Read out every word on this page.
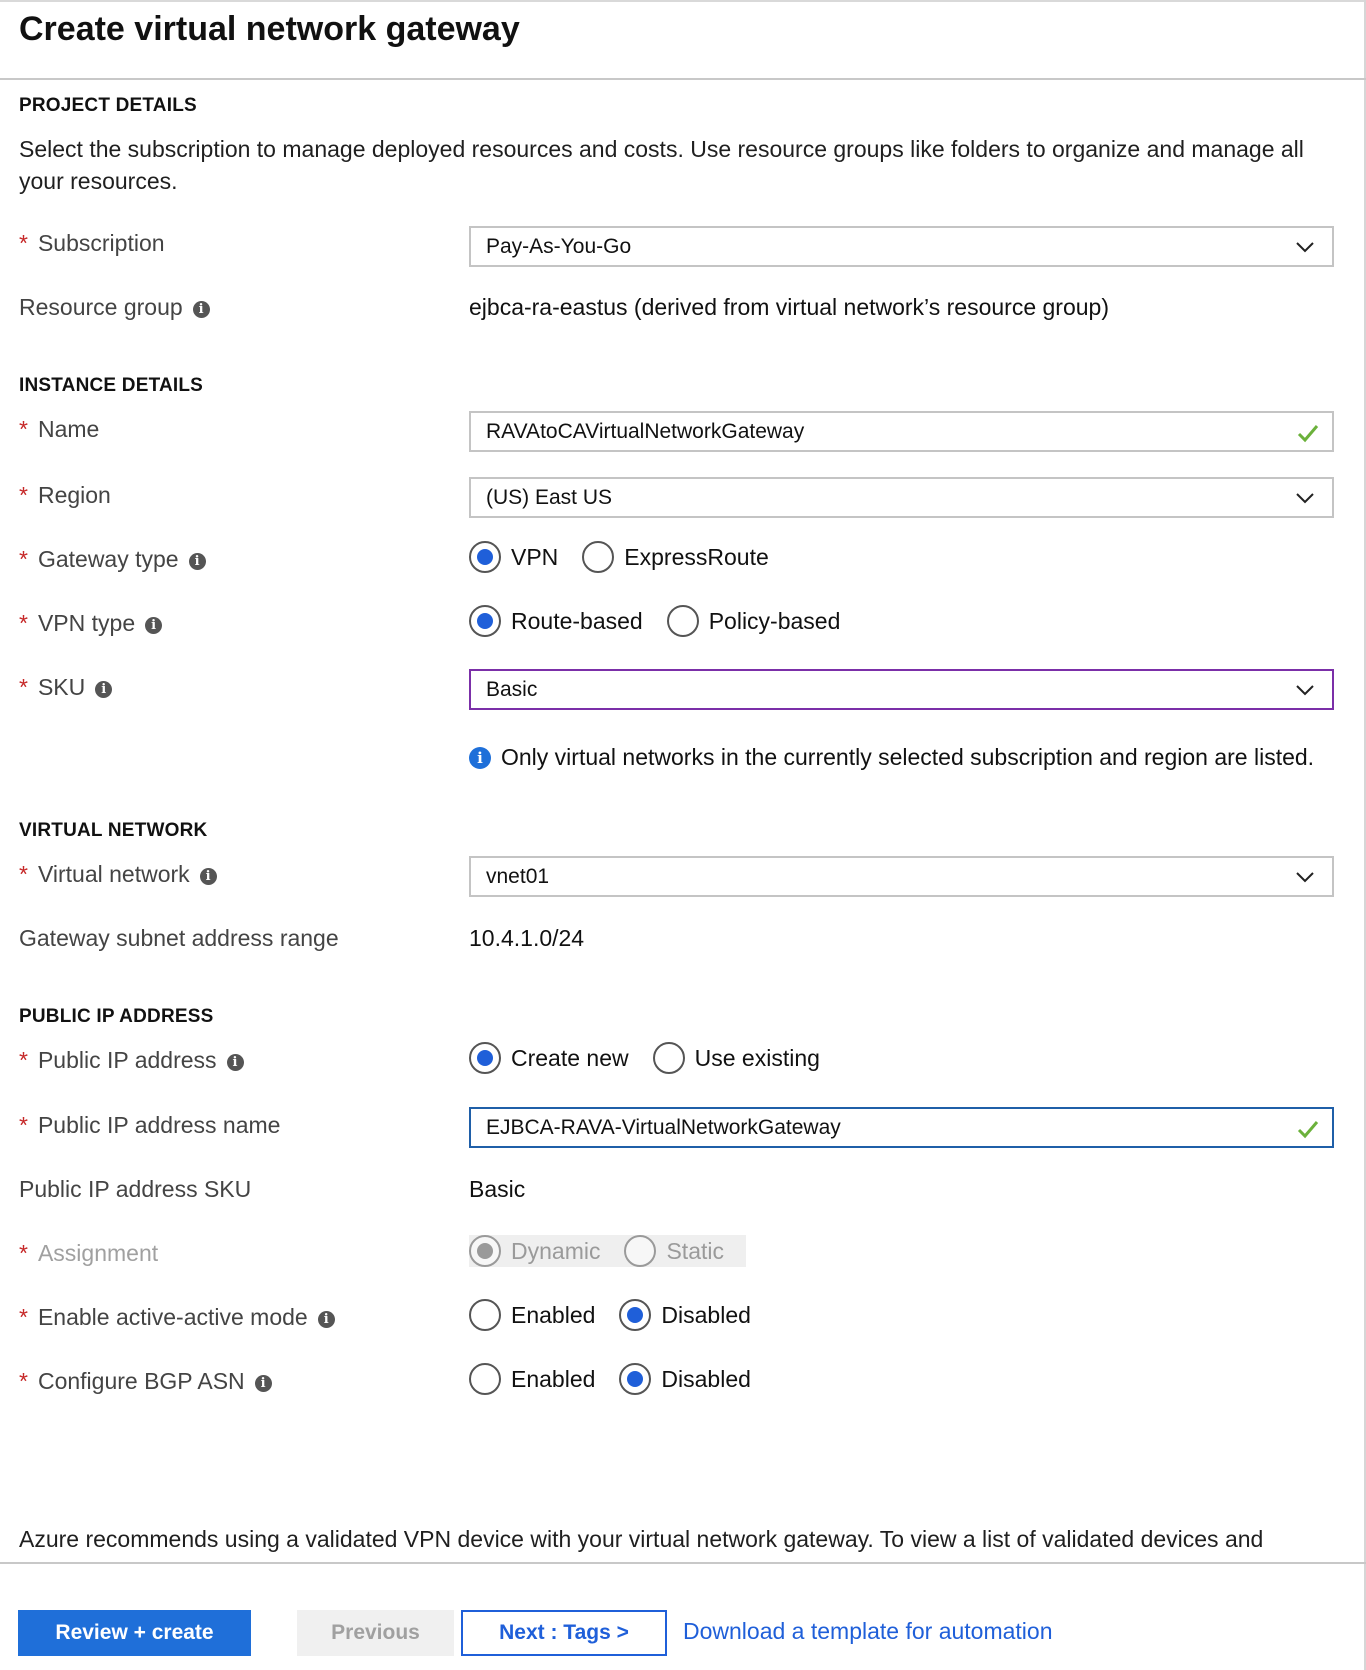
Create virtual network gateway
PROJECT DETAILS
Select the subscription to manage deployed resources and costs. Use resource groups like folders to organize and manage all your resources.
* Subscription	Pay-As-You-Go
Resource group	i	ejbca-ra-eastus (derived from virtual network’s resource group)
INSTANCE DETAILS
* Name	RAVAtoCAVirtualNetworkGateway
* Region	(US) East US
* Gateway type	i	VPN	ExpressRoute
* VPN type	i	Route-based	Policy-based
* SKU	i	Basic
i Only virtual networks in the currently selected subscription and region are listed.
VIRTUAL NETWORK
* Virtual network	i	vnet01
Gateway subnet address range	10.4.1.0/24
PUBLIC IP ADDRESS
* Public IP address	i	Create new	Use existing
* Public IP address name	EJBCA-RAVA-VirtualNetworkGateway
Public IP address SKU	Basic
* Assignment	Dynamic	Static
* Enable active-active mode	i	Enabled	Disabled
* Configure BGP ASN	i	Enabled	Disabled
Azure recommends using a validated VPN device with your virtual network gateway. To view a list of validated devices and
Review + create	Previous	Next : Tags >	Download a template for automation
